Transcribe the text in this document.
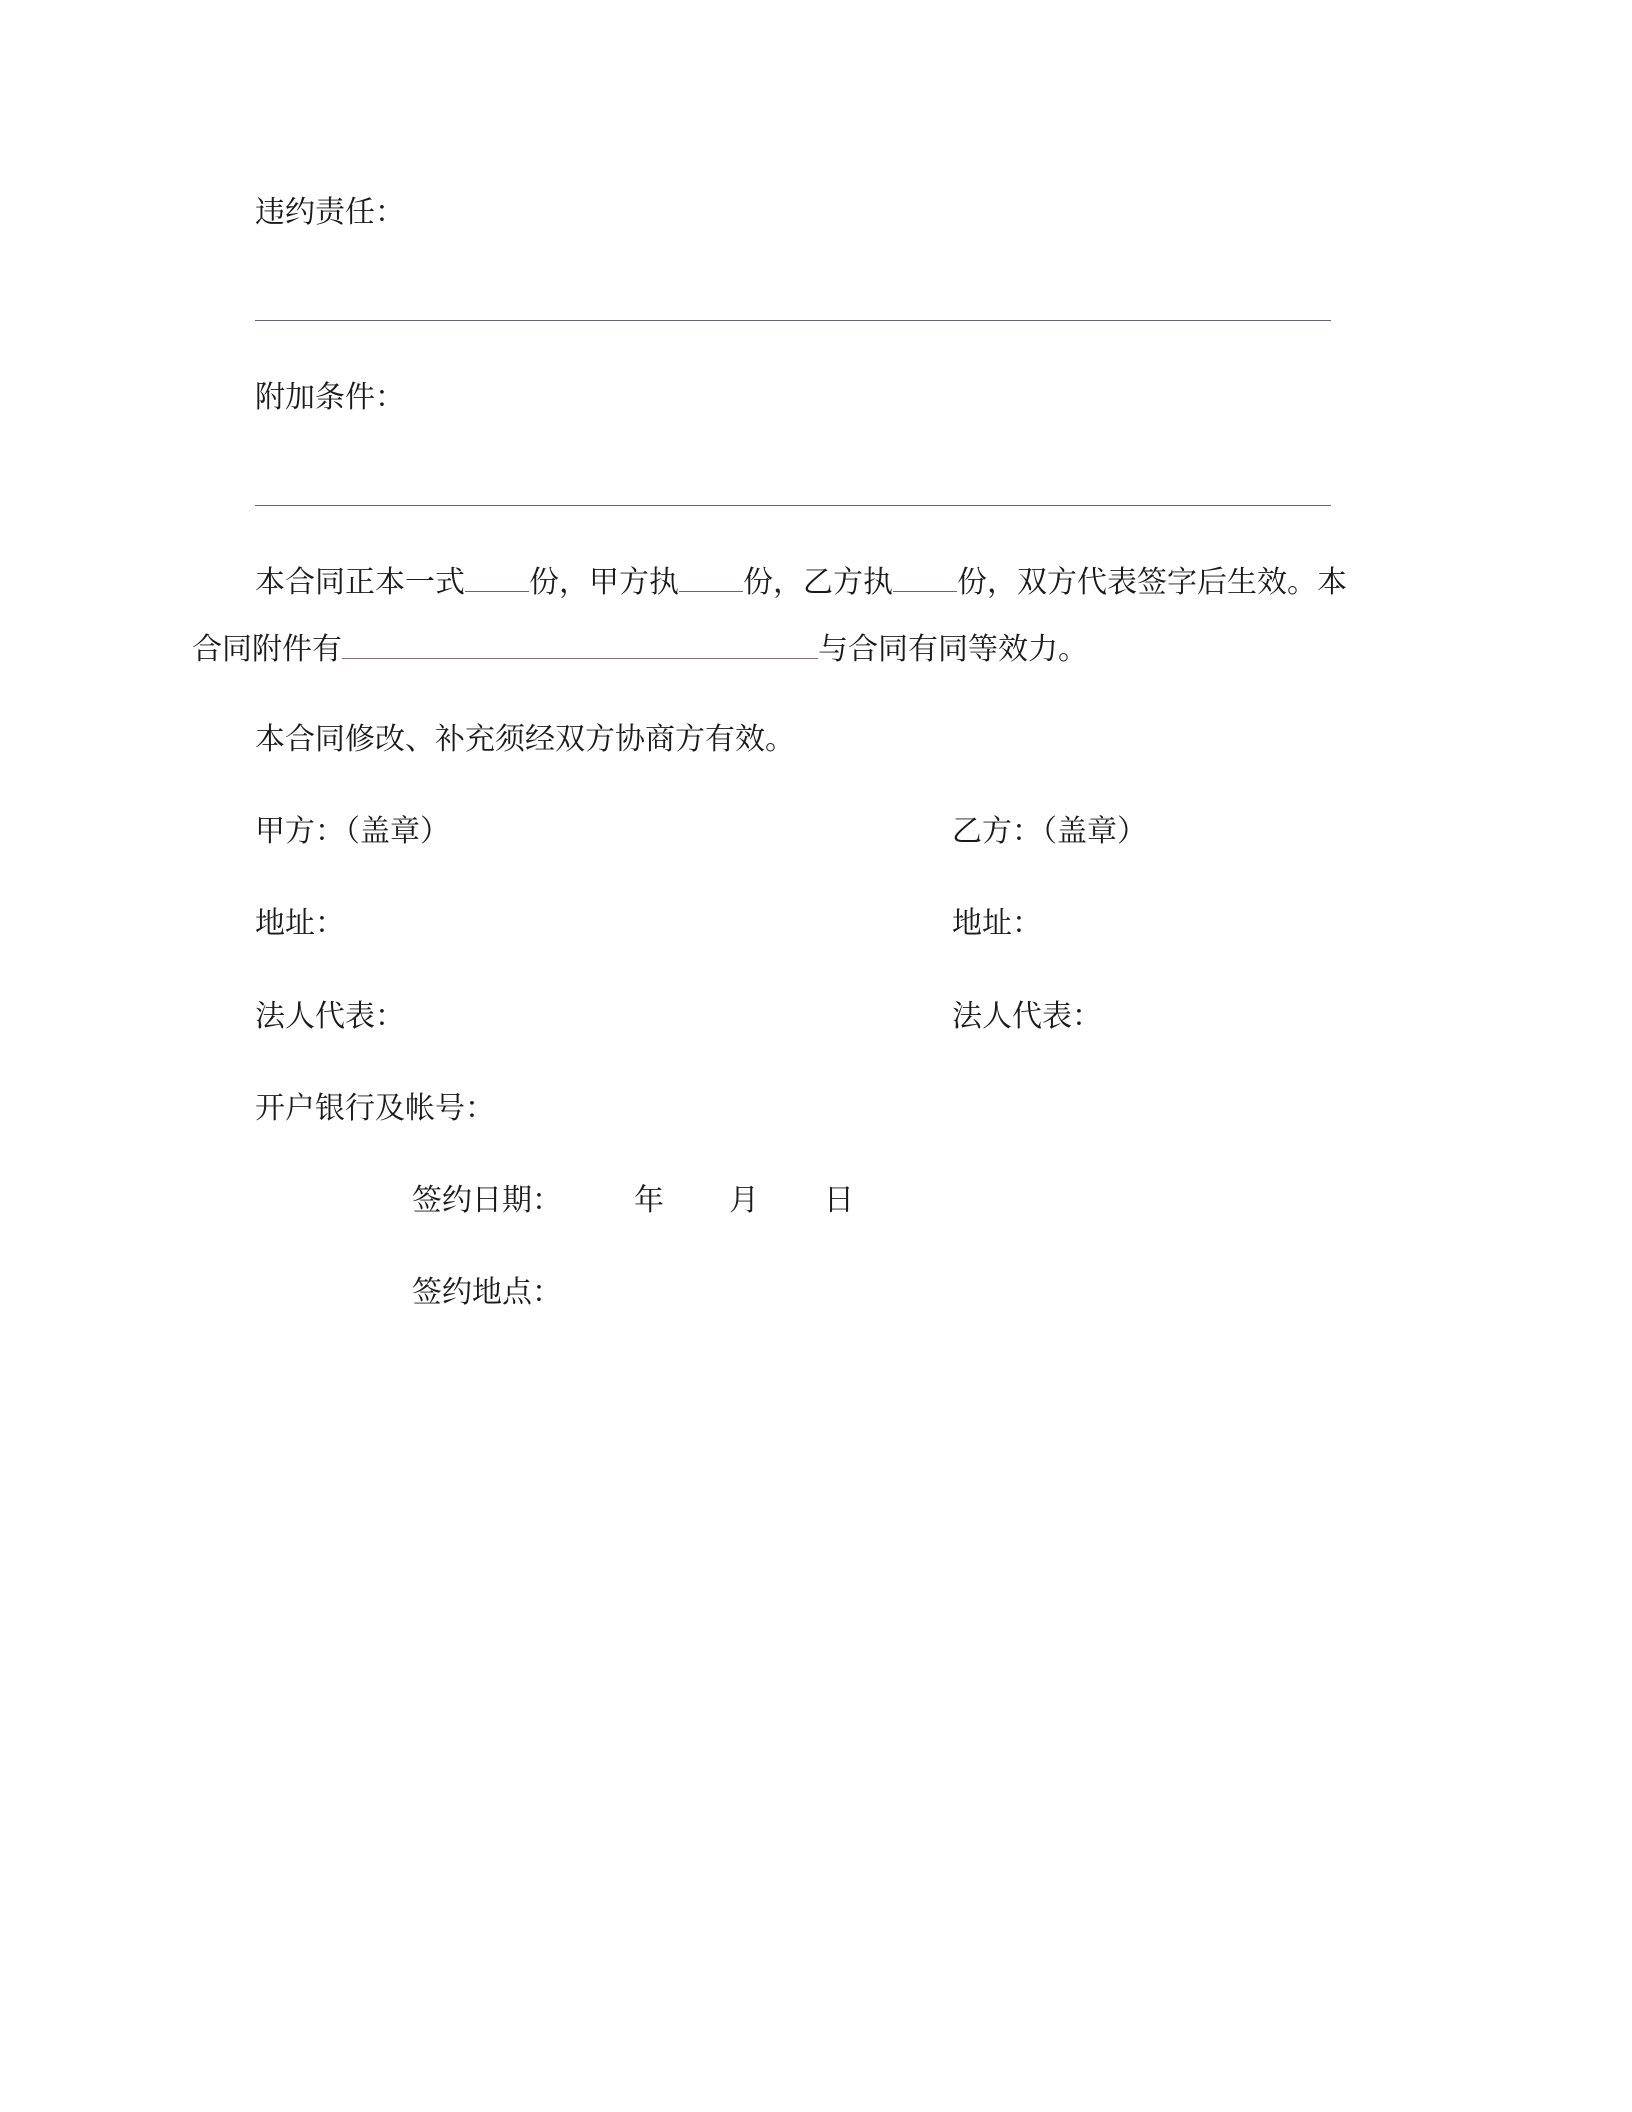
违约责任：
附加条件：
本合同正本一式 份，甲方执 份，乙方执 份，双方代表签字后生效。本
合同附件有	与合同有同等效力。
本合同修改、补充须经双方协商方有效。
甲方：（盖章）	乙方：（盖章）
地址：	地址：
法人代表：	法人代表：
开户银行及帐号：
签约日期： 年 月 日
签约地点：
